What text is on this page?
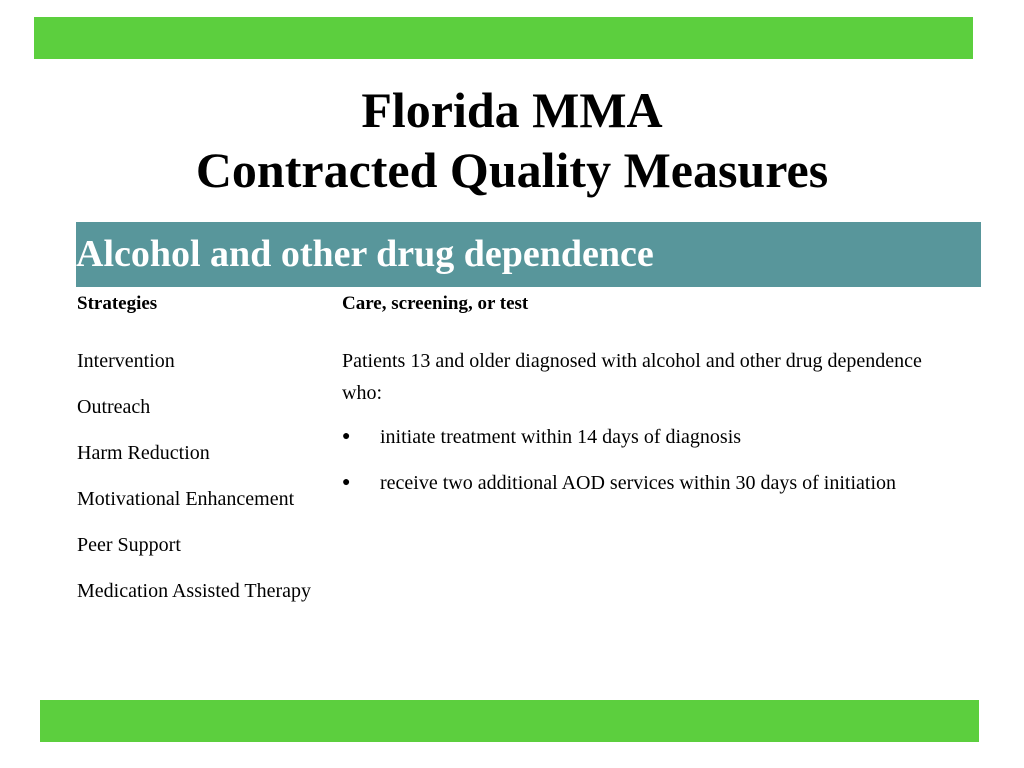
Florida MMA
Contracted Quality Measures
Alcohol and other drug dependence

Strategies

Intervention
Outreach
Harm Reduction
Motivational Enhancement
Peer Support
Medication Assisted Therapy

Care, screening, or test

Patients 13 and older diagnosed with alcohol and other drug dependence who:

● initiate treatment within 14 days of diagnosis
● receive two additional AOD services within 30 days of initiation
